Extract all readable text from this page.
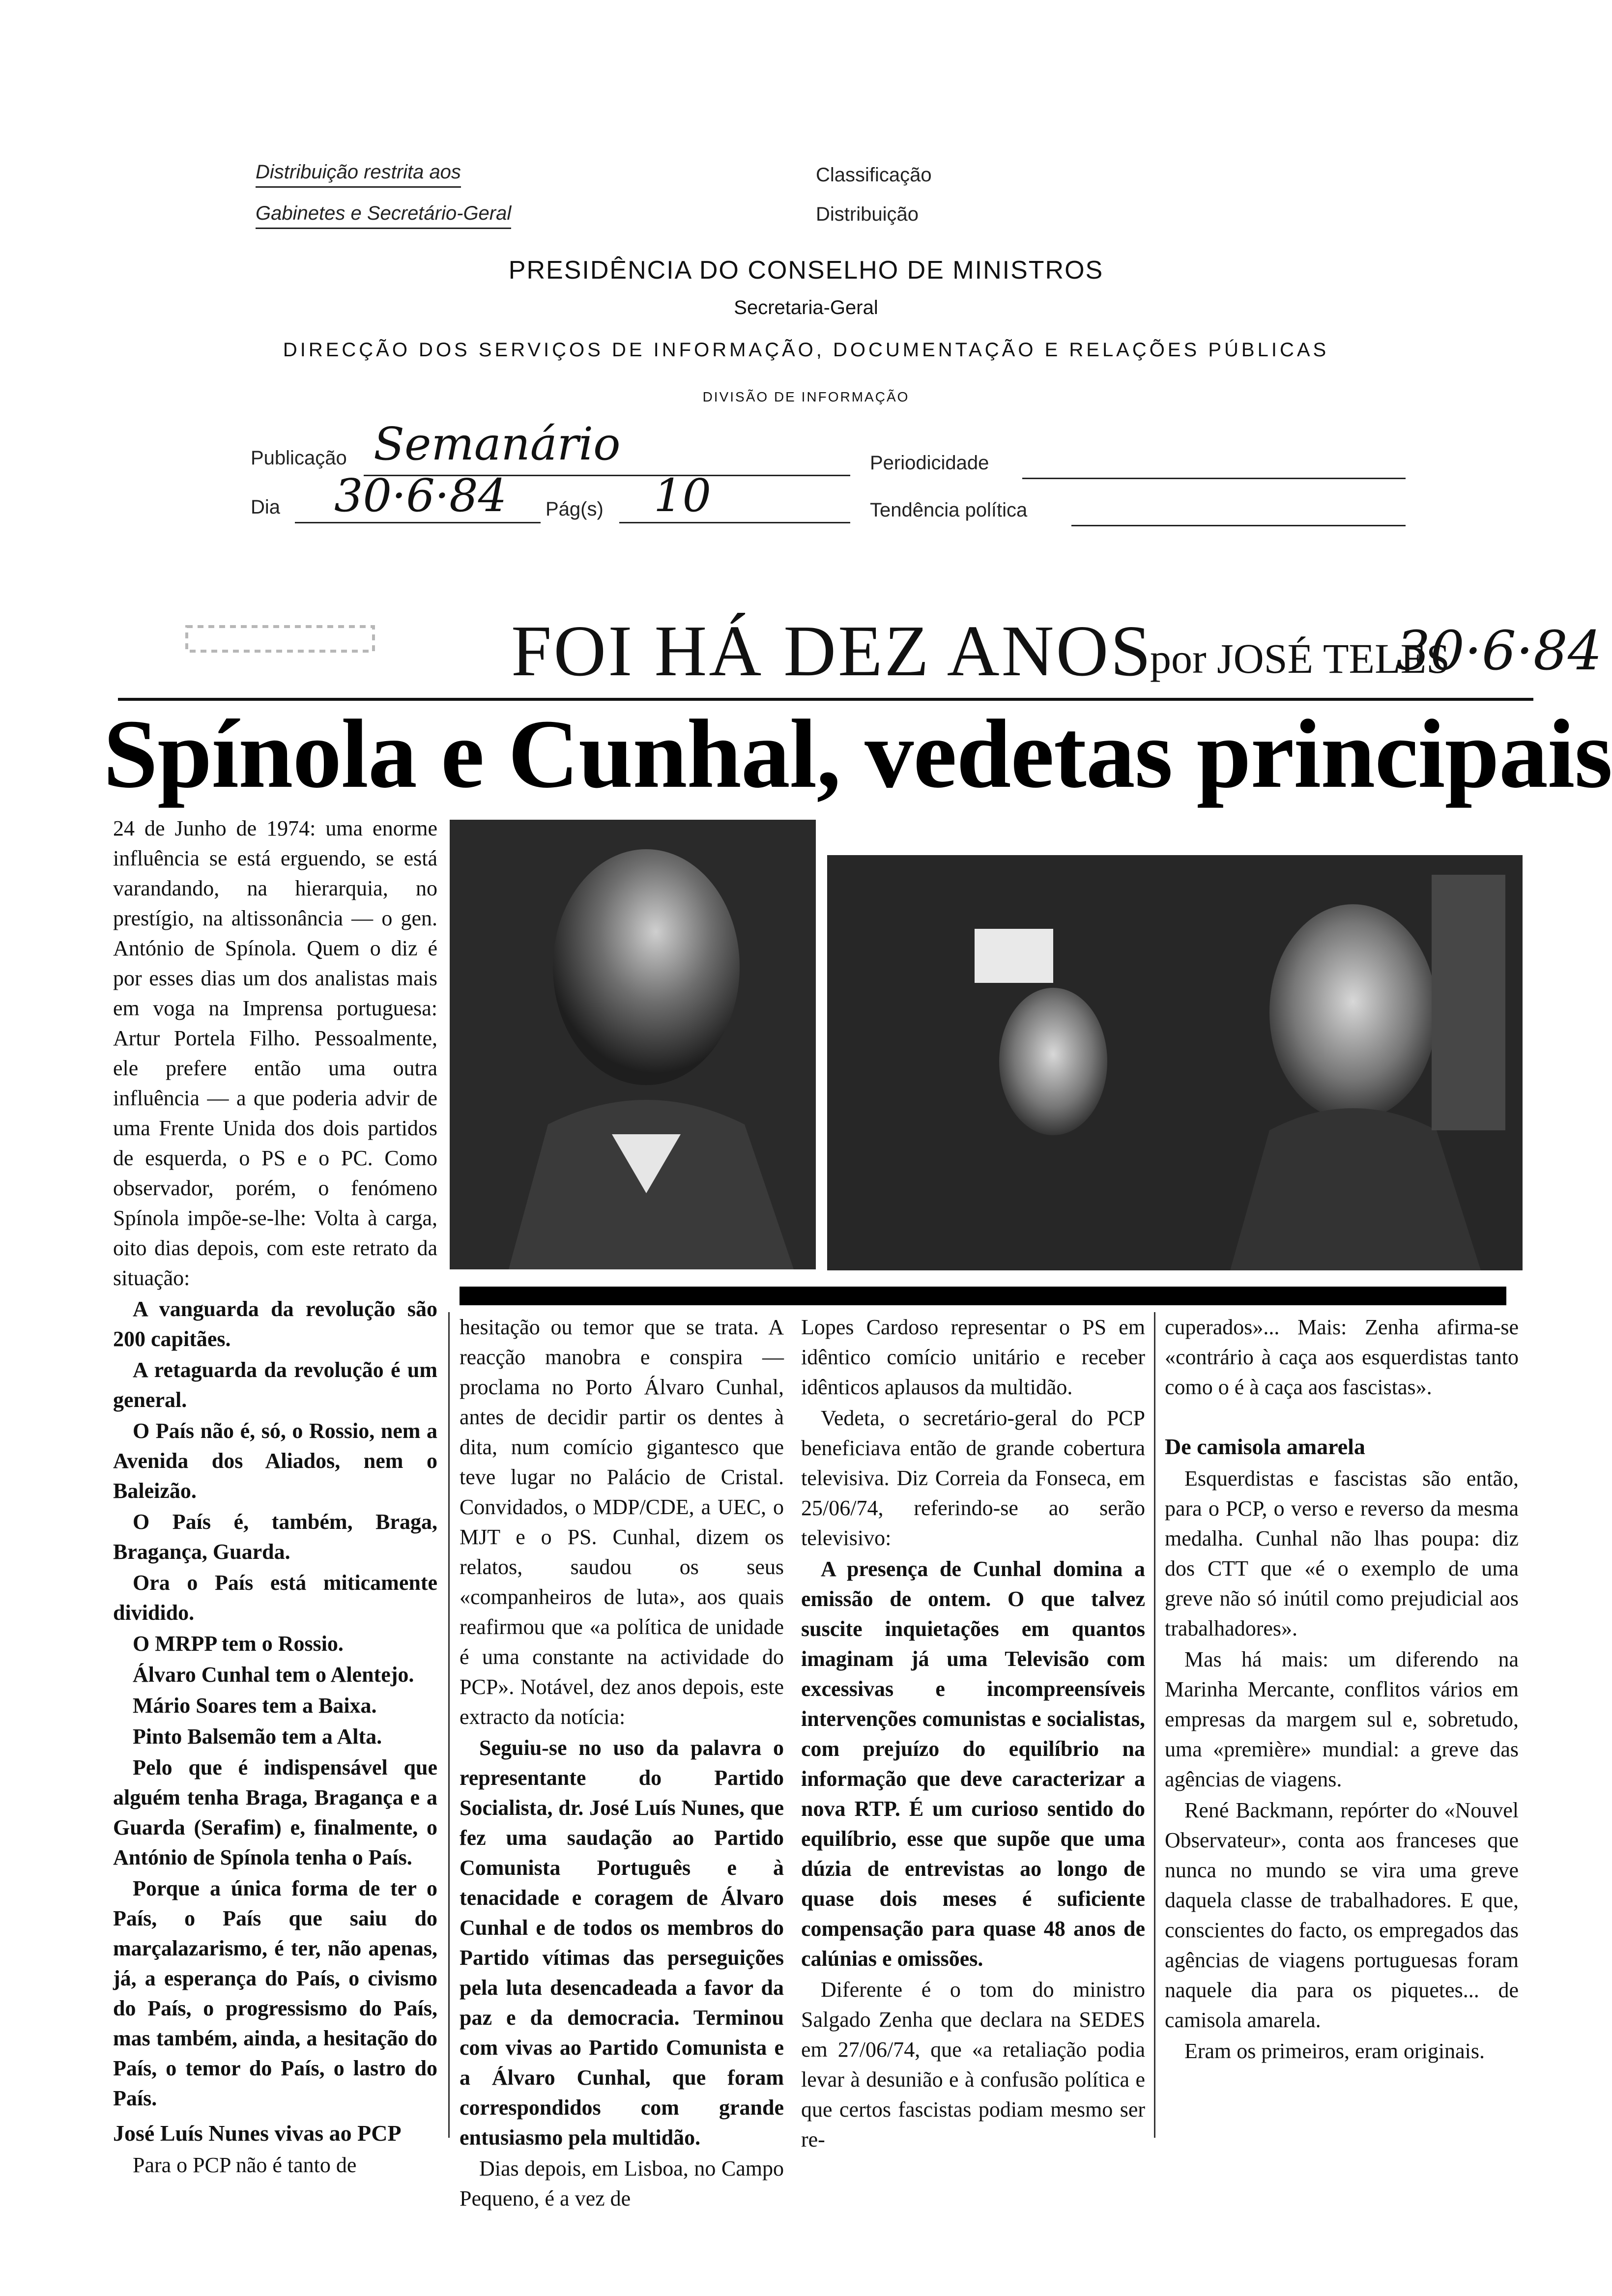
Distribuição restrita aos
Gabinetes e Secretário-Geral
Classificação
Distribuição
PRESIDÊNCIA DO CONSELHO DE MINISTROS
Secretaria-Geral
DIRECÇÃO DOS SERVIÇOS DE INFORMAÇÃO, DOCUMENTAÇÃO E RELAÇÕES PÚBLICAS
DIVISÃO DE INFORMAÇÃO
Publicação Semanário	Periodicidade
Dia 30·6·84 Pág(s) 10	Tendência política
FOI HÁ DEZ ANOS
por JOSÉ TELES
30·6·84
Spínola e Cunhal, vedetas principais

24 de Junho de 1974: uma enorme influência se está erguendo, se está varandando, na hierarquia, no prestígio, na altissonância — o gen. António de Spínola. Quem o diz é por esses dias um dos analistas mais em voga na Imprensa portuguesa: Artur Portela Filho. Pessoalmente, ele prefere então uma outra influência — a que poderia advir de uma Frente Unida dos dois partidos de esquerda, o PS e o PC. Como observador, porém, o fenómeno Spínola impõe-se-lhe: Volta à carga, oito dias depois, com este retrato da situação:

A vanguarda da revolução são 200 capitães.

A retaguarda da revolução é um general.

O País não é, só, o Rossio, nem a Avenida dos Aliados, nem o Baleizão.

O País é, também, Braga, Bragança, Guarda.

Ora o País está miticamente dividido.

O MRPP tem o Rossio.

Álvaro Cunhal tem o Alentejo.

Mário Soares tem a Baixa.

Pinto Balsemão tem a Alta.

Pelo que é indispensável que alguém tenha Braga, Bragança e a Guarda (Serafim) e, finalmente, o António de Spínola tenha o País.

Porque a única forma de ter o País, o País que saiu do marçalazarismo, é ter, não apenas, já, a esperança do País, o civismo do País, o progressismo do País, mas também, ainda, a hesitação do País, o temor do País, o lastro do País.

José Luís Nunes vivas ao PCP

Para o PCP não é tanto de

hesitação ou temor que se trata. A reacção manobra e conspira — proclama no Porto Álvaro Cunhal, antes de decidir partir os dentes à dita, num comício gigantesco que teve lugar no Palácio de Cristal. Convidados, o MDP/CDE, a UEC, o MJT e o PS. Cunhal, dizem os relatos, saudou os seus «companheiros de luta», aos quais reafirmou que «a política de unidade é uma constante na actividade do PCP». Notável, dez anos depois, este extracto da notícia:

Seguiu-se no uso da palavra o representante do Partido Socialista, dr. José Luís Nunes, que fez uma saudação ao Partido Comunista Português e à tenacidade e coragem de Álvaro Cunhal e de todos os membros do Partido vítimas das perseguições pela luta desencadeada a favor da paz e da democracia. Terminou com vivas ao Partido Comunista e a Álvaro Cunhal, que foram correspondidos com grande entusiasmo pela multidão.

Dias depois, em Lisboa, no Campo Pequeno, é a vez de

Lopes Cardoso representar o PS em idêntico comício unitário e receber idênticos aplausos da multidão.

Vedeta, o secretário-geral do PCP beneficiava então de grande cobertura televisiva. Diz Correia da Fonseca, em 25/06/74, referindo-se ao serão televisivo:

A presença de Cunhal domina a emissão de ontem. O que talvez suscite inquietações em quantos imaginam já uma Televisão com excessivas e incompreensíveis intervenções comunistas e socialistas, com prejuízo do equilíbrio na informação que deve caracterizar a nova RTP. É um curioso sentido do equilíbrio, esse que supõe que uma dúzia de entrevistas ao longo de quase dois meses é suficiente compensação para quase 48 anos de calúnias e omissões.

Diferente é o tom do ministro Salgado Zenha que declara na SEDES em 27/06/74, que «a retaliação podia levar à desunião e à confusão política e que certos fascistas podiam mesmo ser re-

cuperados»... Mais: Zenha afirma-se «contrário à caça aos esquerdistas tanto como o é à caça aos fascistas».

De camisola amarela

Esquerdistas e fascistas são então, para o PCP, o verso e reverso da mesma medalha. Cunhal não lhas poupa: diz dos CTT que «é o exemplo de uma greve não só inútil como prejudicial aos trabalhadores».

Mas há mais: um diferendo na Marinha Mercante, conflitos vários em empresas da margem sul e, sobretudo, uma «première» mundial: a greve das agências de viagens.

René Backmann, repórter do «Nouvel Observateur», conta aos franceses que nunca no mundo se vira uma greve daquela classe de trabalhadores. E que, conscientes do facto, os empregados das agências de viagens portuguesas foram naquele dia para os piquetes... de camisola amarela.

Eram os primeiros, eram originais.
